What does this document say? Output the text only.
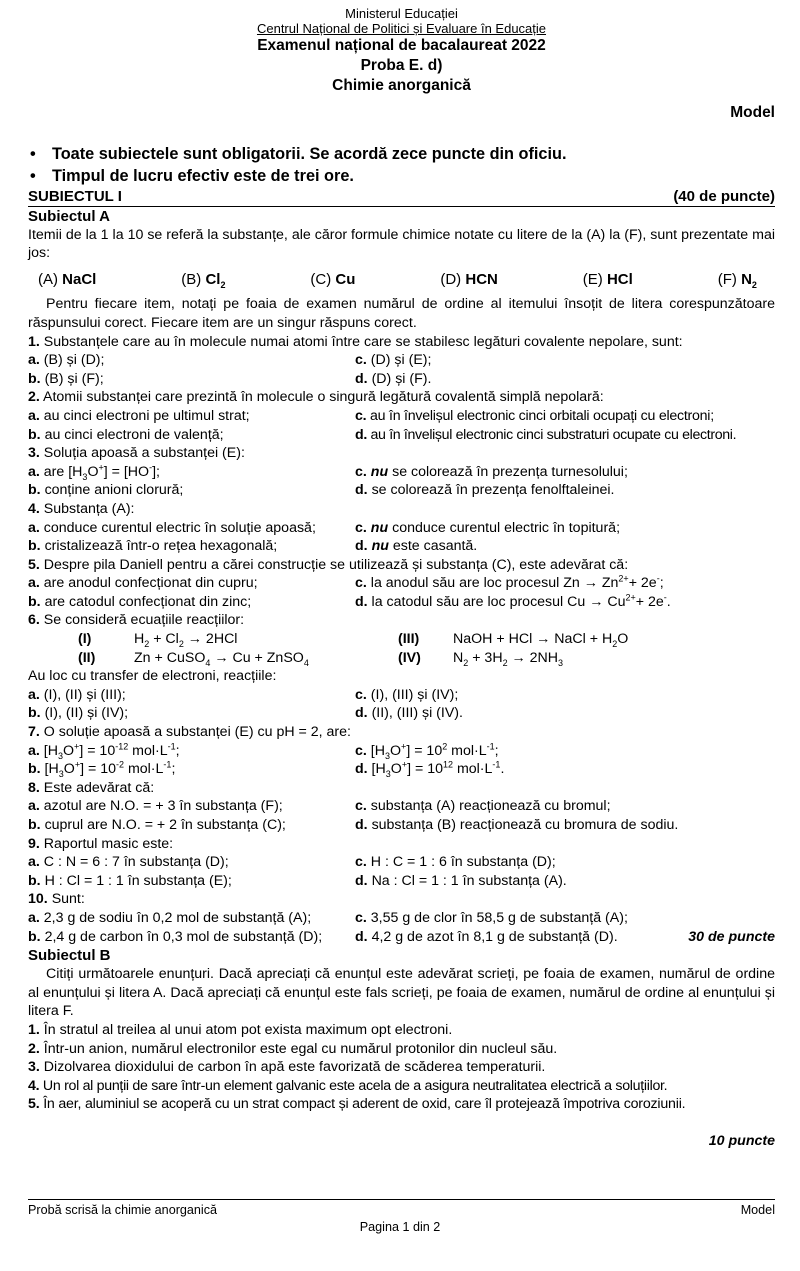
Ministerul Educației
Centrul Național de Politici și Evaluare în Educație
Examenul național de bacalaureat 2022
Proba E. d)
Chimie anorganică
Model
• Toate subiectele sunt obligatorii. Se acordă zece puncte din oficiu.
• Timpul de lucru efectiv este de trei ore.
SUBIECTUL I	(40 de puncte)
Subiectul A
Itemii de la 1 la 10 se referă la substanțe, ale căror formule chimice notate cu litere de la (A) la (F), sunt prezentate mai jos:
(A) NaCl	(B) $Cl_2$	(C) Cu	(D) HCN	(E) HCl	(F) $N_2$
Pentru fiecare item, notați pe foaia de examen numărul de ordine al itemului însoțit de litera corespunzătoare răspunsului corect. Fiecare item are un singur răspuns corect.
1. Substanțele care au în molecule numai atomi între care se stabilesc legături covalente nepolare, sunt:
a. (B) și (D);	c. (D) și (E);
b. (B) și (F);	d. (D) și (F).
2. Atomii substanței care prezintă în molecule o singură legătură covalentă simplă nepolară:
a. au cinci electroni pe ultimul strat;	c. au în învelișul electronic cinci orbitali ocupați cu electroni;
b. au cinci electroni de valență;	d. au în învelișul electronic cinci substraturi ocupate cu electroni.
3. Soluția apoasă a substanței (E):
a. are $[H_3O^+] = [HO^-]$;	c. nu se colorează în prezența turnesolului;
b. conține anioni clorură;	d. se colorează în prezența fenolftaleinei.
4. Substanța (A):
a. conduce curentul electric în soluție apoasă;	c. nu conduce curentul electric în topitură;
b. cristalizează într-o rețea hexagonală;	d. nu este casantă.
5. Despre pila Daniell pentru a cărei construcție se utilizează și substanța (C), este adevărat că:
a. are anodul confecționat din cupru;	c. la anodul său are loc procesul $Zn \to Zn^{2+}+ 2e^-$;
b. are catodul confecționat din zinc;	d. la catodul său are loc procesul $Cu \to Cu^{2+}+ 2e^-$.
6. Se consideră ecuațiile reacțiilor:
(I)	$H_2 + Cl_2 \to 2HCl$	(III)	NaOH + HCl → NaCl + $H_2O$
(II)	Zn + CuSO$_4$ → Cu + ZnSO$_4$	(IV)	$N_2 + 3H_2 \to 2NH_3$
Au loc cu transfer de electroni, reacțiile:
a. (I), (II) și (III);	c. (I), (III) și (IV);
b. (I), (II) și (IV);	d. (II), (III) și (IV).
7. O soluție apoasă a substanței (E) cu pH = 2, are:
a. $[H_3O^+] = 10^{-12}$ $mol\cdot L^{-1}$;	c. $[H_3O^+] = 10^2$ $mol\cdot L^{-1}$;
b. $[H_3O^+] = 10^{-2}$ $mol\cdot L^{-1}$;	d. $[H_3O^+] = 10^{12}$ $mol\cdot L^{-1}$.
8. Este adevărat că:
a. azotul are N.O. = + 3 în substanța (F);	c. substanța (A) reacționează cu bromul;
b. cuprul are N.O. = + 2 în substanța (C);	d. substanța (B) reacționează cu bromura de sodiu.
9. Raportul masic este:
a. C : N = 6 : 7 în substanța (D);	c. H : C = 1 : 6 în substanța (D);
b. H : Cl = 1 : 1 în substanța (E);	d. Na : Cl = 1 : 1 în substanța (A).
10. Sunt:
a. 2,3 g de sodiu în 0,2 mol de substanță (A);	c. 3,55 g de clor în 58,5 g de substanță (A);
b. 2,4 g de carbon în 0,3 mol de substanță (D);	d. 4,2 g de azot în 8,1 g de substanță (D).	30 de puncte
Subiectul B
Citiți următoarele enunțuri. Dacă apreciați că enunțul este adevărat scrieți, pe foaia de examen, numărul de ordine al enunțului și litera A. Dacă apreciați că enunțul este fals scrieți, pe foaia de examen, numărul de ordine al enunțului și litera F.
1. În stratul al treilea al unui atom pot exista maximum opt electroni.
2. Într-un anion, numărul electronilor este egal cu numărul protonilor din nucleul său.
3. Dizolvarea dioxidului de carbon în apă este favorizată de scăderea temperaturii.
4. Un rol al punții de sare într-un element galvanic este acela de a asigura neutralitatea electrică a soluțiilor.
5. În aer, aluminiul se acoperă cu un strat compact și aderent de oxid, care îl protejează împotriva coroziunii.
10 puncte
Probă scrisă la chimie anorganică	Model
Pagina 1 din 2
